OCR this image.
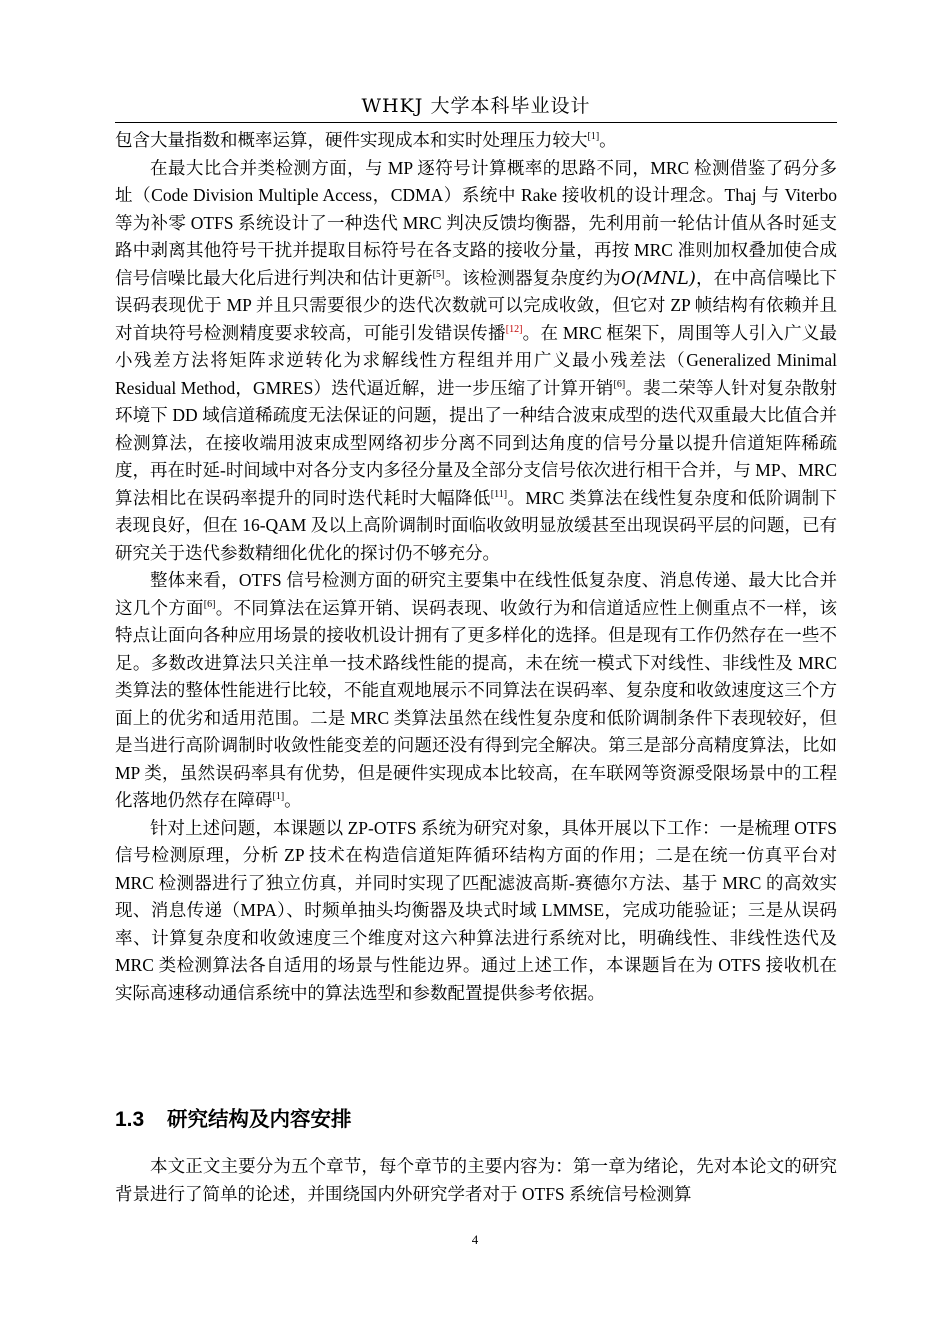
WHKJ 大学本科毕业设计

包含大量指数和概率运算，硬件实现成本和实时处理压力较大[1]。

在最大比合并类检测方面，与 MP 逐符号计算概率的思路不同，MRC 检测借鉴了码分多址（Code Division Multiple Access，CDMA）系统中 Rake 接收机的设计理念。Thaj 与 Viterbo 等为补零 OTFS 系统设计了一种迭代 MRC 判决反馈均衡器，先利用前一轮估计值从各时延支路中剥离其他符号干扰并提取目标符号在各支路的接收分量，再按 MRC 准则加权叠加使合成信号信噪比最大化后进行判决和估计更新[5]。该检测器复杂度约为O(MNL)，在中高信噪比下误码表现优于 MP 并且只需要很少的迭代次数就可以完成收敛，但它对 ZP 帧结构有依赖并且对首块符号检测精度要求较高，可能引发错误传播[12]。在 MRC 框架下，周围等人引入广义最小残差方法将矩阵求逆转化为求解线性方程组并用广义最小残差法（Generalized Minimal Residual Method，GMRES）迭代逼近解，进一步压缩了计算开销[6]。裴二荣等人针对复杂散射环境下 DD 域信道稀疏度无法保证的问题，提出了一种结合波束成型的迭代双重最大比值合并检测算法，在接收端用波束成型网络初步分离不同到达角度的信号分量以提升信道矩阵稀疏度，再在时延-时间域中对各分支内多径分量及全部分支信号依次进行相干合并，与 MP、MRC 算法相比在误码率提升的同时迭代耗时大幅降低[11]。MRC 类算法在线性复杂度和低阶调制下表现良好，但在 16-QAM 及以上高阶调制时面临收敛明显放缓甚至出现误码平层的问题，已有研究关于迭代参数精细化优化的探讨仍不够充分。

整体来看，OTFS 信号检测方面的研究主要集中在线性低复杂度、消息传递、最大比合并这几个方面[6]。不同算法在运算开销、误码表现、收敛行为和信道适应性上侧重点不一样，该特点让面向各种应用场景的接收机设计拥有了更多样化的选择。但是现有工作仍然存在一些不足。多数改进算法只关注单一技术路线性能的提高，未在统一模式下对线性、非线性及 MRC 类算法的整体性能进行比较，不能直观地展示不同算法在误码率、复杂度和收敛速度这三个方面上的优劣和适用范围。二是 MRC 类算法虽然在线性复杂度和低阶调制条件下表现较好，但是当进行高阶调制时收敛性能变差的问题还没有得到完全解决。第三是部分高精度算法，比如 MP 类，虽然误码率具有优势，但是硬件实现成本比较高，在车联网等资源受限场景中的工程化落地仍然存在障碍[1]。

针对上述问题，本课题以 ZP-OTFS 系统为研究对象，具体开展以下工作：一是梳理 OTFS 信号检测原理，分析 ZP 技术在构造信道矩阵循环结构方面的作用；二是在统一仿真平台对 MRC 检测器进行了独立仿真，并同时实现了匹配滤波高斯-赛德尔方法、基于 MRC 的高效实现、消息传递（MPA）、时频单抽头均衡器及块式时域 LMMSE，完成功能验证；三是从误码率、计算复杂度和收敛速度三个维度对这六种算法进行系统对比，明确线性、非线性迭代及 MRC 类检测算法各自适用的场景与性能边界。通过上述工作，本课题旨在为 OTFS 接收机在实际高速移动通信系统中的算法选型和参数配置提供参考依据。

1.3 研究结构及内容安排

本文正文主要分为五个章节，每个章节的主要内容为：第一章为绪论，先对本论文的研究背景进行了简单的论述，并围绕国内外研究学者对于 OTFS 系统信号检测算

4
